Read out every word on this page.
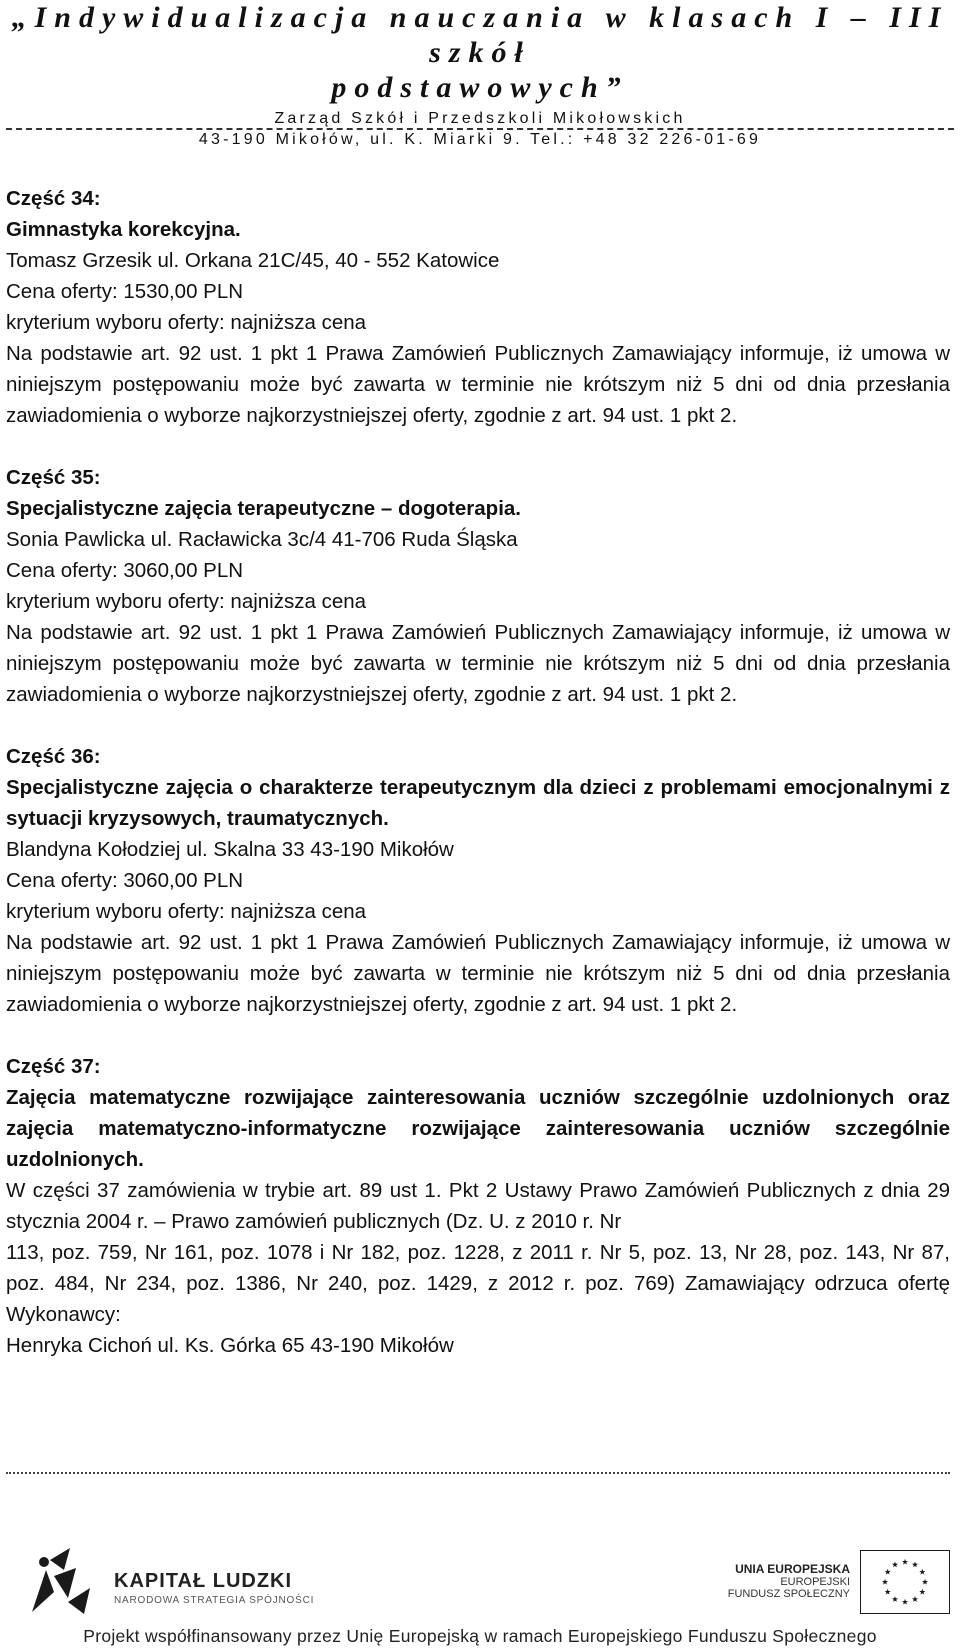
„Indywidualizacja nauczania w klasach I – III szkół
podstawowych”
Zarząd Szkół i Przedszkoli Mikołowskich
43-190 Mikołów, ul. K. Miarki 9. Tel.: +48 32 226-01-69
Część 34:
Gimnastyka korekcyjna.
Tomasz Grzesik ul. Orkana 21C/45, 40 - 552 Katowice
Cena oferty: 1530,00 PLN
kryterium wyboru oferty: najniższa cena
Na podstawie art. 92 ust. 1 pkt 1 Prawa Zamówień Publicznych Zamawiający informuje, iż umowa w niniejszym postępowaniu może być zawarta w terminie nie krótszym niż 5 dni od dnia przesłania zawiadomienia o wyborze najkorzystniejszej oferty, zgodnie z art. 94 ust. 1 pkt 2.
Część 35:
Specjalistyczne zajęcia terapeutyczne – dogoterapia.
Sonia Pawlicka ul. Racławicka 3c/4 41-706 Ruda Śląska
Cena oferty: 3060,00 PLN
kryterium wyboru oferty: najniższa cena
Na podstawie art. 92 ust. 1 pkt 1 Prawa Zamówień Publicznych Zamawiający informuje, iż umowa w niniejszym postępowaniu może być zawarta w terminie nie krótszym niż 5 dni od dnia przesłania zawiadomienia o wyborze najkorzystniejszej oferty, zgodnie z art. 94 ust. 1 pkt 2.
Część 36:
Specjalistyczne zajęcia o charakterze terapeutycznym dla dzieci z problemami emocjonalnymi z sytuacji kryzysowych, traumatycznych.
Blandyna Kołodziej ul. Skalna 33 43-190 Mikołów
Cena oferty: 3060,00 PLN
kryterium wyboru oferty: najniższa cena
Na podstawie art. 92 ust. 1 pkt 1 Prawa Zamówień Publicznych Zamawiający informuje, iż umowa w niniejszym postępowaniu może być zawarta w terminie nie krótszym niż 5 dni od dnia przesłania zawiadomienia o wyborze najkorzystniejszej oferty, zgodnie z art. 94 ust. 1 pkt 2.
Część 37:
Zajęcia matematyczne rozwijające zainteresowania uczniów szczególnie uzdolnionych oraz zajęcia matematyczno-informatyczne rozwijające zainteresowania uczniów szczególnie uzdolnionych.
W części 37 zamówienia w trybie art. 89 ust 1. Pkt 2 Ustawy Prawo Zamówień Publicznych z dnia 29 stycznia 2004 r. – Prawo zamówień publicznych (Dz. U. z 2010 r. Nr
113, poz. 759, Nr 161, poz. 1078 i Nr 182, poz. 1228, z 2011 r. Nr 5, poz. 13, Nr 28, poz. 143, Nr 87, poz. 484, Nr 234, poz. 1386, Nr 240, poz. 1429, z 2012 r. poz. 769) Zamawiający odrzuca ofertę Wykonawcy:
Henryka Cichoń ul. Ks. Górka 65 43-190 Mikołów
KAPITAŁ LUDZKI
NARODOWA STRATEGIA SPÓJNOŚCI
UNIA EUROPEJSKA
EUROPEJSKI
FUNDUSZ SPOŁECZNY
Projekt współfinansowany przez Unię Europejską w ramach Europejskiego Funduszu Społecznego
